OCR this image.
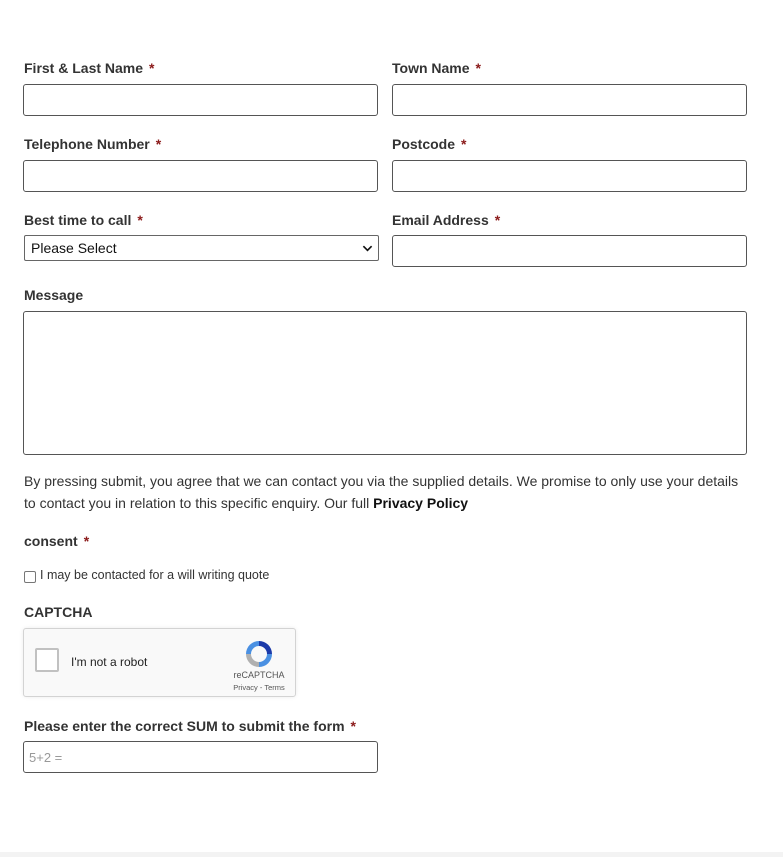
First & Last Name *	Town Name *
Telephone Number *	Postcode *
Best time to call *
Please Select
Email Address *
Message
By pressing submit, you agree that we can contact you via the supplied details. We promise to only use your details to contact you in relation to this specific enquiry. Our full Privacy Policy
consent *
I may be contacted for a will writing quote
CAPTCHA
I'm not a robot
reCAPTCHA
Privacy - Terms
Please enter the correct SUM to submit the form *
5+2 =
